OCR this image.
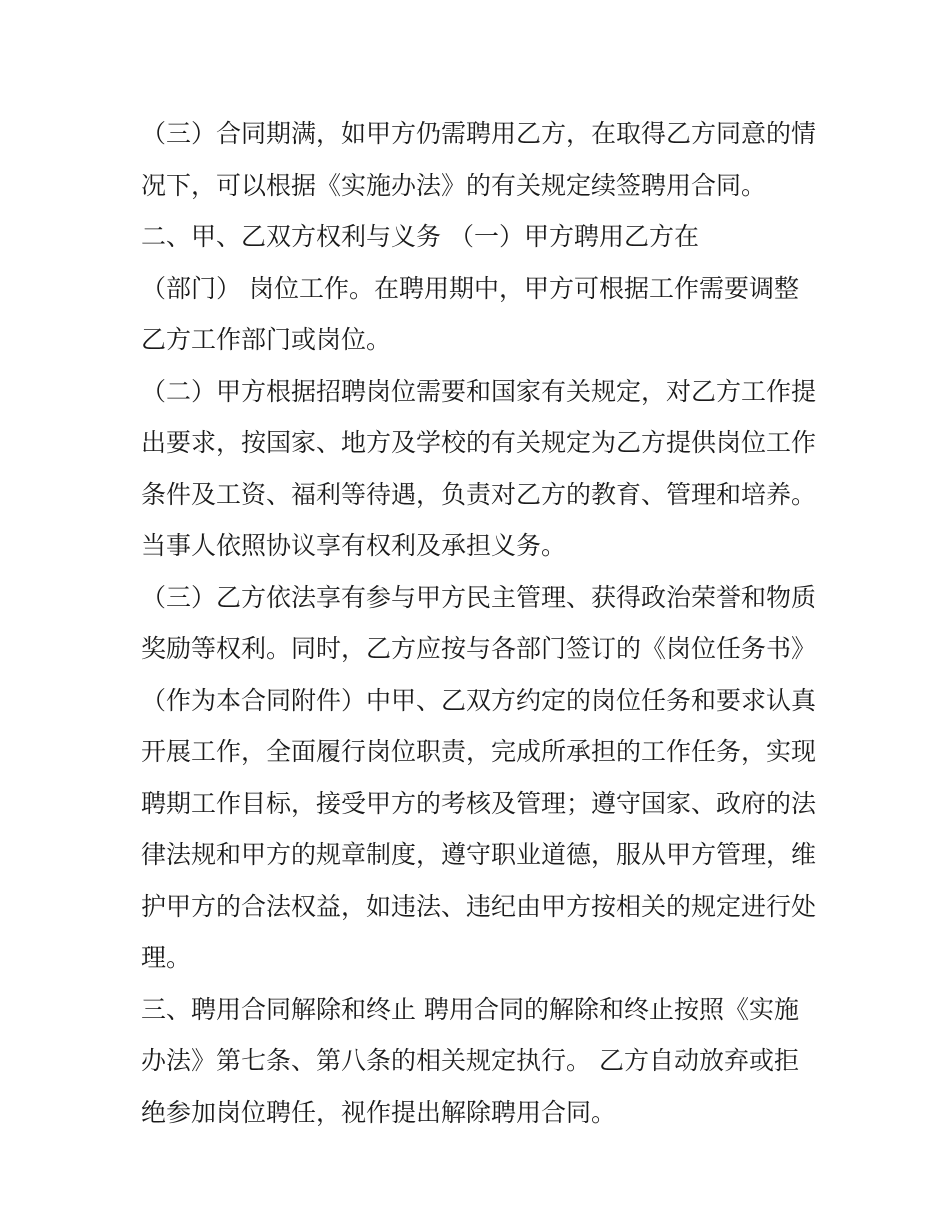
（三）合同期满，如甲方仍需聘用乙方，在取得乙方同意的情
况下，可以根据《实施办法》的有关规定续签聘用合同。
二、甲、乙双方权利与义务 （一）甲方聘用乙方在
（部门） 岗位工作。在聘用期中，甲方可根据工作需要调整
乙方工作部门或岗位。
（二）甲方根据招聘岗位需要和国家有关规定，对乙方工作提
出要求，按国家、地方及学校的有关规定为乙方提供岗位工作
条件及工资、福利等待遇，负责对乙方的教育、管理和培养。
当事人依照协议享有权利及承担义务。
（三）乙方依法享有参与甲方民主管理、获得政治荣誉和物质
奖励等权利。同时，乙方应按与各部门签订的《岗位任务书》
（作为本合同附件）中甲、乙双方约定的岗位任务和要求认真
开展工作，全面履行岗位职责，完成所承担的工作任务，实现
聘期工作目标，接受甲方的考核及管理；遵守国家、政府的法
律法规和甲方的规章制度，遵守职业道德，服从甲方管理，维
护甲方的合法权益，如违法、违纪由甲方按相关的规定进行处
理。
三、聘用合同解除和终止 聘用合同的解除和终止按照《实施
办法》第七条、第八条的相关规定执行。 乙方自动放弃或拒
绝参加岗位聘任，视作提出解除聘用合同。
